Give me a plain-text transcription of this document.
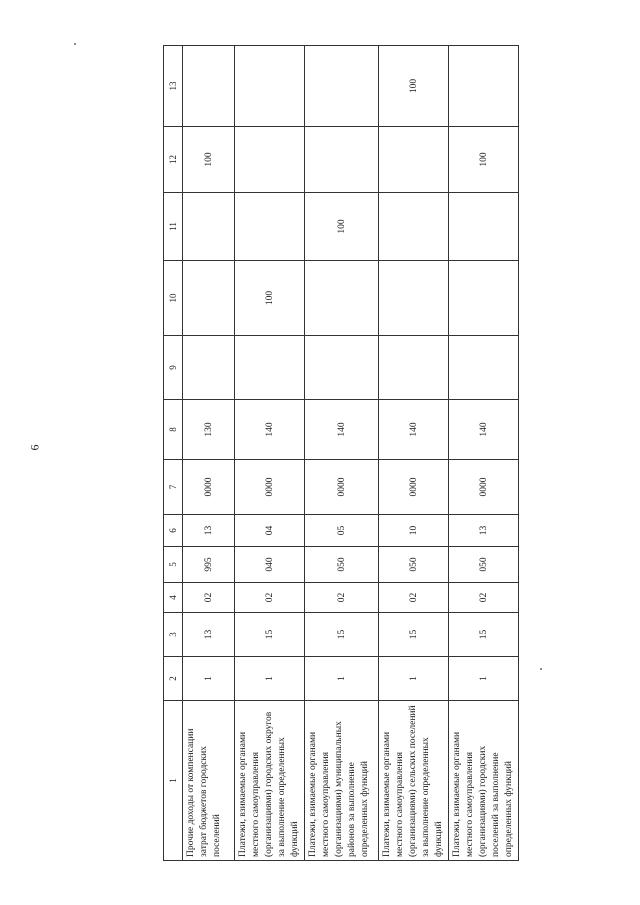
6
1	2	3	4	5	6	7	8	9	10	11	12	13
Прочие доходы от компенсации затрат бюджетов городских поселений	1	13	02	995	13	0000	130				100	
Платежи, взимаемые органами местного самоуправления (организациями) городских округов за выполнение определенных функций	1	15	02	040	04	0000	140		100			
Платежи, взимаемые органами местного самоуправления (организациями) муниципальных районов за выполнение определенных функций	1	15	02	050	05	0000	140			100		
Платежи, взимаемые органами местного самоуправления (организациями) сельских поселений за выполнение определенных функций	1	15	02	050	10	0000	140					100
Платежи, взимаемые органами местного самоуправления (организациями) городских поселений за выполнение определенных функций	1	15	02	050	13	0000	140				100	
